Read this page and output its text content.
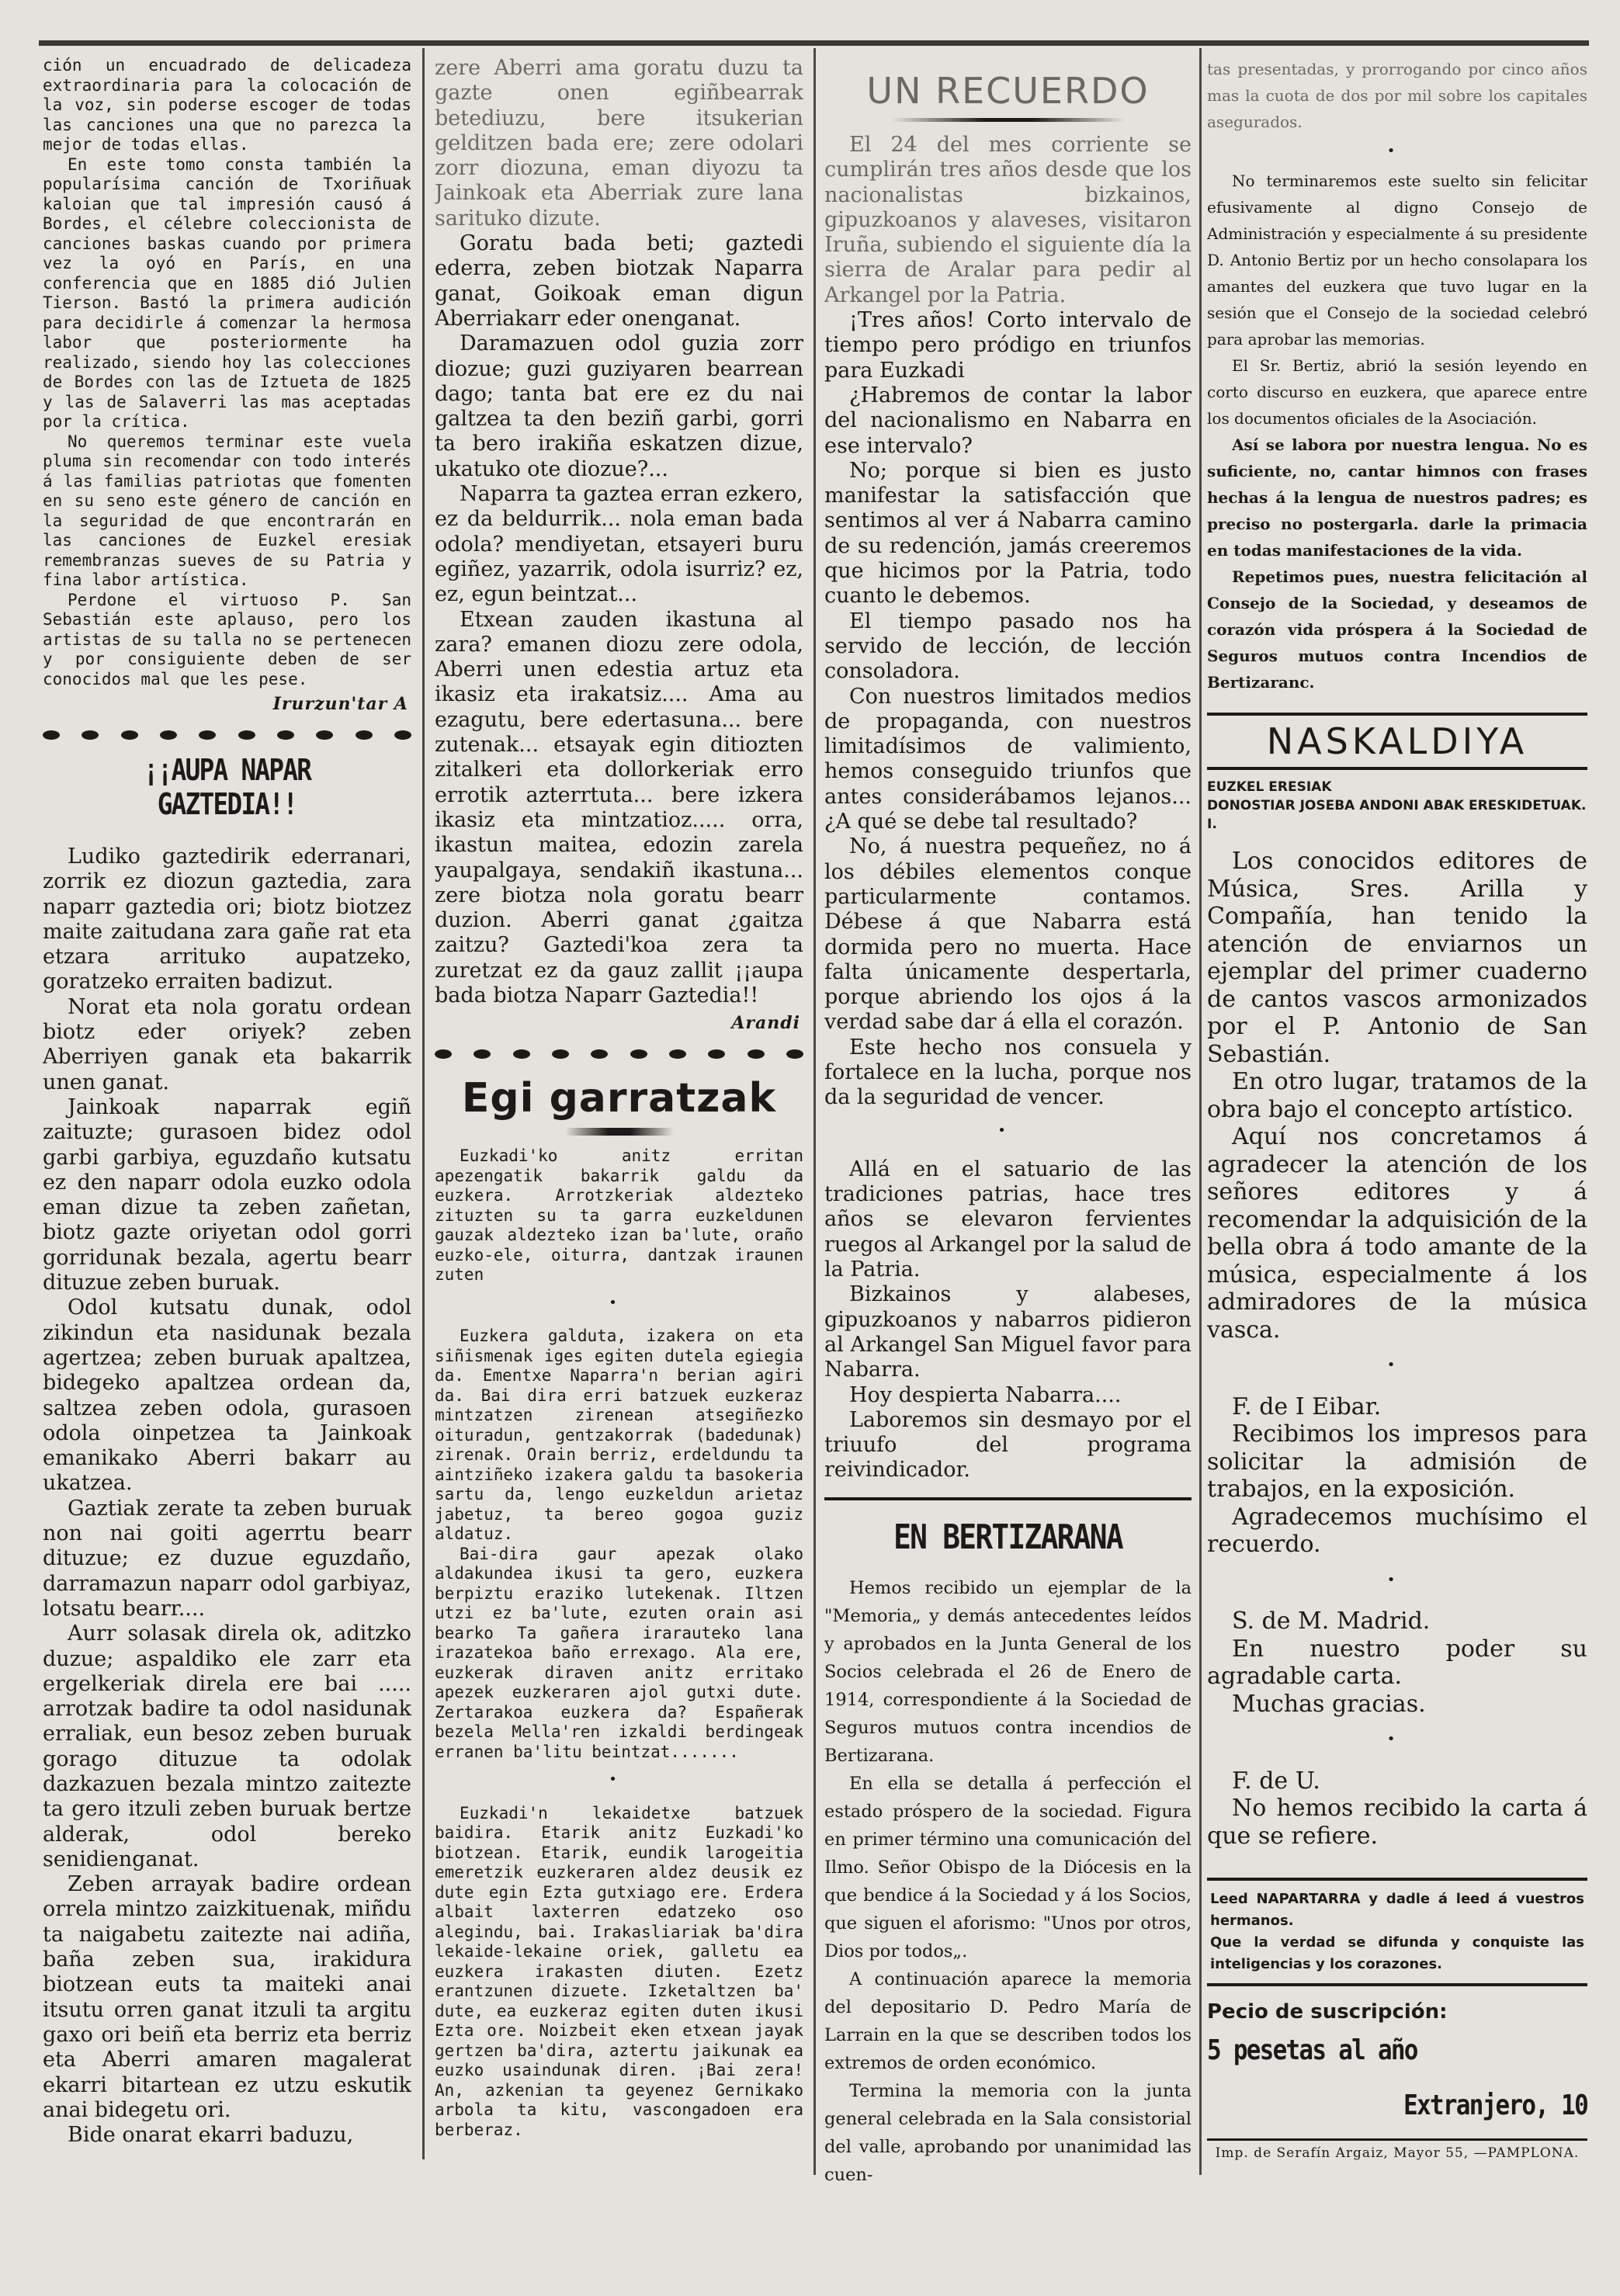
ción un encuadrado de delicadeza extraordinaria para la colocación de la voz, sin poderse escoger de todas las canciones una que no parezca la mejor de todas ellas.

En este tomo consta también la popularísima canción de Txoriñuak kaloian que tal impresión causó á Bordes, el célebre coleccionista de canciones baskas cuando por primera vez la oyó en París, en una conferencia que en 1885 dió Julien Tierson. Bastó la primera audición para decidirle á comenzar la hermosa labor que posteriormente ha realizado, siendo hoy las colecciones de Bordes con las de Iztueta de 1825 y las de Salaverri las mas aceptadas por la crítica.

No queremos terminar este vuela pluma sin recomendar con todo interés á las familias patriotas que fomenten en su seno este género de canción en la seguridad de que encontrarán en las canciones de Euzkel eresiak remembranzas sueves de su Patria y fina labor artística.

Perdone el virtuoso P. San Sebastián este aplauso, pero los artistas de su talla no se pertenecen y por consiguiente deben de ser conocidos mal que les pese.

Irurzun'tar A
¡¡AUPA NAPAR GAZTEDIA!!

Ludiko gaztedirik ederranari, zorrik ez diozun gaztedia, zara naparr gaztedia ori; biotz biotzez maite zaitudana zara gañe rat eta etzara arrituko aupatzeko, goratzeko erraiten badizut.

Norat eta nola goratu ordean biotz eder oriyek? zeben Aberriyen ganak eta bakarrik unen ganat.

Jainkoak naparrak egiñ zaituzte; gurasoen bidez odol garbi garbiya, eguzdaño kutsatu ez den naparr odola euzko odola eman dizue ta zeben zañetan, biotz gazte oriyetan odol gorri gorridunak bezala, agertu bearr dituzue zeben buruak.

Odol kutsatu dunak, odol zikindun eta nasidunak bezala agertzea; zeben buruak apaltzea, bidegeko apaltzea ordean da, saltzea zeben odola, gurasoen odola oinpetzea ta Jainkoak emanikako Aberri bakarr au ukatzea.

Gaztiak zerate ta zeben buruak non nai goiti agerrtu bearr dituzue; ez duzue eguzdaño, darramazun naparr odol garbiyaz, lotsatu bearr....

Aurr solasak direla ok, aditzko duzue; aspaldiko ele zarr eta ergelkeriak direla ere bai ..... arrotzak badire ta odol nasidunak erraliak, eun besoz zeben buruak gorago dituzue ta odolak dazkazuen bezala mintzo zaitezte ta gero itzuli zeben buruak bertze alderak, odol bereko senidienganat.

Zeben arrayak badire ordean orrela mintzo zaizkituenak, miñdu ta naigabetu zaitezte nai adiña, baña zeben sua, irakidura biotzean euts ta maiteki anai itsutu orren ganat itzuli ta argitu gaxo ori beiñ eta berriz eta berriz eta Aberri amaren magalerat ekarri bitartean ez utzu eskutik anai bidegetu ori.

Bide onarat ekarri baduzu,

zere Aberri ama goratu duzu ta gazte onen egiñbearrak betediuzu, bere itsukerian gelditzen bada ere; zere odolari zorr diozuna, eman diyozu ta Jainkoak eta Aberriak zure lana sarituko dizute.

Goratu bada beti; gaztedi ederra, zeben biotzak Naparra ganat, Goikoak eman digun Aberriakarr eder onenganat.

Daramazuen odol guzia zorr diozue; guzi guziyaren bearrean dago; tanta bat ere ez du nai galtzea ta den beziñ garbi, gorri ta bero irakiña eskatzen dizue, ukatuko ote diozue?...

Naparra ta gaztea erran ezkero, ez da beldurrik... nola eman bada odola? mendiyetan, etsayeri buru egiñez, yazarrik, odola isurriz? ez, ez, egun beintzat...

Etxean zauden ikastuna al zara? emanen diozu zere odola, Aberri unen edestia artuz eta ikasiz eta irakatsiz.... Ama au ezagutu, bere edertasuna... bere zutenak... etsayak egin ditiozten zitalkeri eta dollorkeriak erro errotik azterrtuta... bere izkera ikasiz eta mintzatioz..... orra, ikastun maitea, edozin zarela yaupalgaya, sendakiñ ikastuna... zere biotza nola goratu bearr duzion. Aberri ganat ¿gaitza zaitzu? Gaztedi'koa zera ta zuretzat ez da gauz zallit ¡¡aupa bada biotza Naparr Gaztedia!!

Arandi
Egi garratzak

Euzkadi'ko anitz erritan apezengatik bakarrik galdu da euzkera. Arrotzkeriak aldezteko zituzten su ta garra euzkeldunen gauzak aldezteko izan ba'lute, oraño euzko-ele, oiturra, dantzak iraunen zuten

•

Euzkera galduta, izakera on eta siñismenak iges egiten dutela egiegia da. Ementxe Naparra'n berian agiri da. Bai dira erri batzuek euzkeraz mintzatzen zirenean atsegiñezko oituradun, gentzakorrak (badedunak) zirenak. Orain berriz, erdeldundu ta aintziñeko izakera galdu ta basokeria sartu da, lengo euzkeldun arietaz jabetuz, ta bereo gogoa guziz aldatuz.

Bai-dira gaur apezak olako aldakundea ikusi ta gero, euzkera berpiztu eraziko lutekenak. Iltzen utzi ez ba'lute, ezuten orain asi bearko Ta gañera irarauteko lana irazatekoa baño errexago. Ala ere, euzkerak diraven anitz erritako apezek euzkeraren ajol gutxi dute. Zertarakoa euzkera da? Españerak bezela Mella'ren izkaldi berdingeak erranen ba'litu beintzat.......

•

Euzkadi'n lekaidetxe batzuek baidira. Etarik anitz Euzkadi'ko biotzean. Etarik, eundik larogeitia emeretzik euzkeraren aldez deusik ez dute egin Ezta gutxiago ere. Erdera albait laxterren edatzeko oso alegindu, bai. Irakasliariak ba'dira lekaide-lekaine oriek, galletu ea euzkera irakasten diuten. Ezetz erantzunen dizuete. Izketaltzen ba' dute, ea euzkeraz egiten duten ikusi Ezta ore. Noizbeit eken etxean jayak gertzen ba'dira, aztertu jaikunak ea euzko usaindunak diren. ¡Bai zera! An, azkenian ta geyenez Gernikako arbola ta kitu, vascongadoen era berberaz.

UN RECUERDO

El 24 del mes corriente se cumplirán tres años desde que los nacionalistas bizkainos, gipuzkoanos y alaveses, visitaron Iruña, subiendo el siguiente día la sierra de Aralar para pedir al Arkangel por la Patria.

¡Tres años! Corto intervalo de tiempo pero pródigo en triunfos para Euzkadi

¿Habremos de contar la labor del nacionalismo en Nabarra en ese intervalo?

No; porque si bien es justo manifestar la satisfacción que sentimos al ver á Nabarra camino de su redención, jamás creeremos que hicimos por la Patria, todo cuanto le debemos.

El tiempo pasado nos ha servido de lección, de lección consoladora.

Con nuestros limitados medios de propaganda, con nuestros limitadísimos de valimiento, hemos conseguido triunfos que antes considerábamos lejanos... ¿A qué se debe tal resultado?

No, á nuestra pequeñez, no á los débiles elementos conque particularmente contamos. Débese á que Nabarra está dormida pero no muerta. Hace falta únicamente despertarla, porque abriendo los ojos á la verdad sabe dar á ella el corazón.

Este hecho nos consuela y fortalece en la lucha, porque nos da la seguridad de vencer.

•

Allá en el satuario de las tradiciones patrias, hace tres años se elevaron fervientes ruegos al Arkangel por la salud de la Patria.

Bizkainos y alabeses, gipuzkoanos y nabarros pidieron al Arkangel San Miguel favor para Nabarra.

Hoy despierta Nabarra....

Laboremos sin desmayo por el triuufo del programa reivindicador.

EN BERTIZARANA

Hemos recibido un ejemplar de la "Memoria„ y demás antecedentes leídos y aprobados en la Junta General de los Socios celebrada el 26 de Enero de 1914, correspondiente á la Sociedad de Seguros mutuos contra incendios de Bertizarana.

En ella se detalla á perfección el estado próspero de la sociedad. Figura en primer término una comunicación del Ilmo. Señor Obispo de la Diócesis en la que bendice á la Sociedad y á los Socios, que siguen el aforismo: "Unos por otros, Dios por todos„.

A continuación aparece la memoria del depositario D. Pedro María de Larrain en la que se describen todos los extremos de orden económico.

Termina la memoria con la junta general celebrada en la Sala consistorial del valle, aprobando por unanimidad las cuen-

tas presentadas, y prorrogando por cinco años mas la cuota de dos por mil sobre los capitales asegurados.

•

No terminaremos este suelto sin felicitar efusivamente al digno Consejo de Administración y especialmente á su presidente D. Antonio Bertiz por un hecho consolapara los amantes del euzkera que tuvo lugar en la sesión que el Consejo de la sociedad celebró para aprobar las memorias.

El Sr. Bertiz, abrió la sesión leyendo en corto discurso en euzkera, que aparece entre los documentos oficiales de la Asociación.

Así se labora por nuestra lengua. No es suficiente, no, cantar himnos con frases hechas á la lengua de nuestros padres; es preciso no postergarla. darle la primacia en todas manifestaciones de la vida.

Repetimos pues, nuestra felicitación al Consejo de la Sociedad, y deseamos de corazón vida próspera á la Sociedad de Seguros mutuos contra Incendios de Bertizaranc.

NASKALDIYA
EUZKEL ERESIAK
DONOSTIAR JOSEBA ANDONI ABAK ERESKIDETUAK. I.

Los conocidos editores de Música, Sres. Arilla y Compañía, han tenido la atención de enviarnos un ejemplar del primer cuaderno de cantos vascos armonizados por el P. Antonio de San Sebastián.

En otro lugar, tratamos de la obra bajo el concepto artístico.

Aquí nos concretamos á agradecer la atención de los señores editores y á recomendar la adquisición de la bella obra á todo amante de la música, especialmente á los admiradores de la música vasca.

•

F. de I Eibar.

Recibimos los impresos para solicitar la admisión de trabajos, en la exposición.

Agradecemos muchísimo el recuerdo.

•

S. de M. Madrid.

En nuestro poder su agradable carta.

Muchas gracias.

•

F. de U.

No hemos recibido la carta á que se refiere.

Leed NAPARTARRA y dadle á leed á vuestros hermanos.

Que la verdad se difunda y conquiste las inteligencias y los corazones.

Pecio de suscripción:
5 pesetas al año
Extranjero, 10
Imp. de Serafín Argaiz, Mayor 55, —PAMPLONA.
